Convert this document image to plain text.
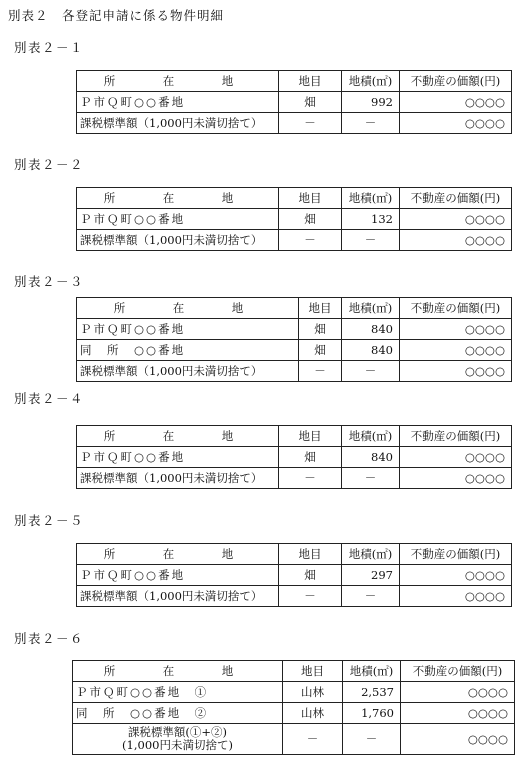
別表２　各登記申請に係る物件明細
別表２－１
所　在　地	地目	地積(㎡)	不動産の価額(円)
Ｐ市Ｑ町○○番地	畑	992	○○○○
課税標準額（1,000円未満切捨て）	－	－	○○○○
別表２－２
所　在　地	地目	地積(㎡)	不動産の価額(円)
Ｐ市Ｑ町○○番地	畑	132	○○○○
課税標準額（1,000円未満切捨て）	－	－	○○○○
別表２－３
所　在　地	地目	地積(㎡)	不動産の価額(円)
Ｐ市Ｑ町○○番地	畑	840	○○○○
同　所　○○番地	畑	840	○○○○
課税標準額（1,000円未満切捨て）	－	－	○○○○
別表２－４
所　在　地	地目	地積(㎡)	不動産の価額(円)
Ｐ市Ｑ町○○番地	畑	840	○○○○
課税標準額（1,000円未満切捨て）	－	－	○○○○
別表２－５
所　在　地	地目	地積(㎡)	不動産の価額(円)
Ｐ市Ｑ町○○番地	畑	297	○○○○
課税標準額（1,000円未満切捨て）	－	－	○○○○
別表２－６
所　在　地	地目	地積(㎡)	不動産の価額(円)
Ｐ市Ｑ町○○番地　①	山林	2,537	○○○○
同　所　○○番地　②	山林	1,760	○○○○

課税標準額(①+②)
(1,000円未満切捨て)	－	－	○○○○
